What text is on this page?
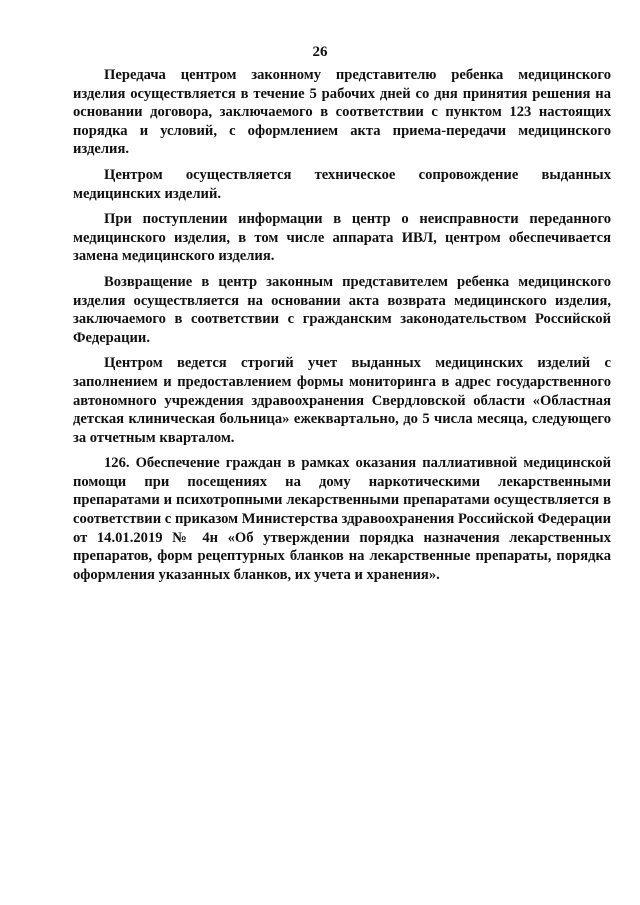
26

Передача центром законному представителю ребенка медицинского изделия осуществляется в течение 5 рабочих дней со дня принятия решения на основании договора, заключаемого в соответствии с пунктом 123 настоящих порядка и условий, с оформлением акта приема-передачи медицинского изделия.

Центром осуществляется техническое сопровождение выданных медицинских изделий.

При поступлении информации в центр о неисправности переданного медицинского изделия, в том числе аппарата ИВЛ, центром обеспечивается замена медицинского изделия.

Возвращение в центр законным представителем ребенка медицинского изделия осуществляется на основании акта возврата медицинского изделия, заключаемого в соответствии с гражданским законодательством Российской Федерации.

Центром ведется строгий учет выданных медицинских изделий с заполнением и предоставлением формы мониторинга в адрес государственного автономного учреждения здравоохранения Свердловской области «Областная детская клиническая больница» ежеквартально, до 5 числа месяца, следующего за отчетным кварталом.

126. Обеспечение граждан в рамках оказания паллиативной медицинской помощи при посещениях на дому наркотическими лекарственными препаратами и психотропными лекарственными препаратами осуществляется в соответствии с приказом Министерства здравоохранения Российской Федерации от 14.01.2019 № 4н «Об утверждении порядка назначения лекарственных препаратов, форм рецептурных бланков на лекарственные препараты, порядка оформления указанных бланков, их учета и хранения».
